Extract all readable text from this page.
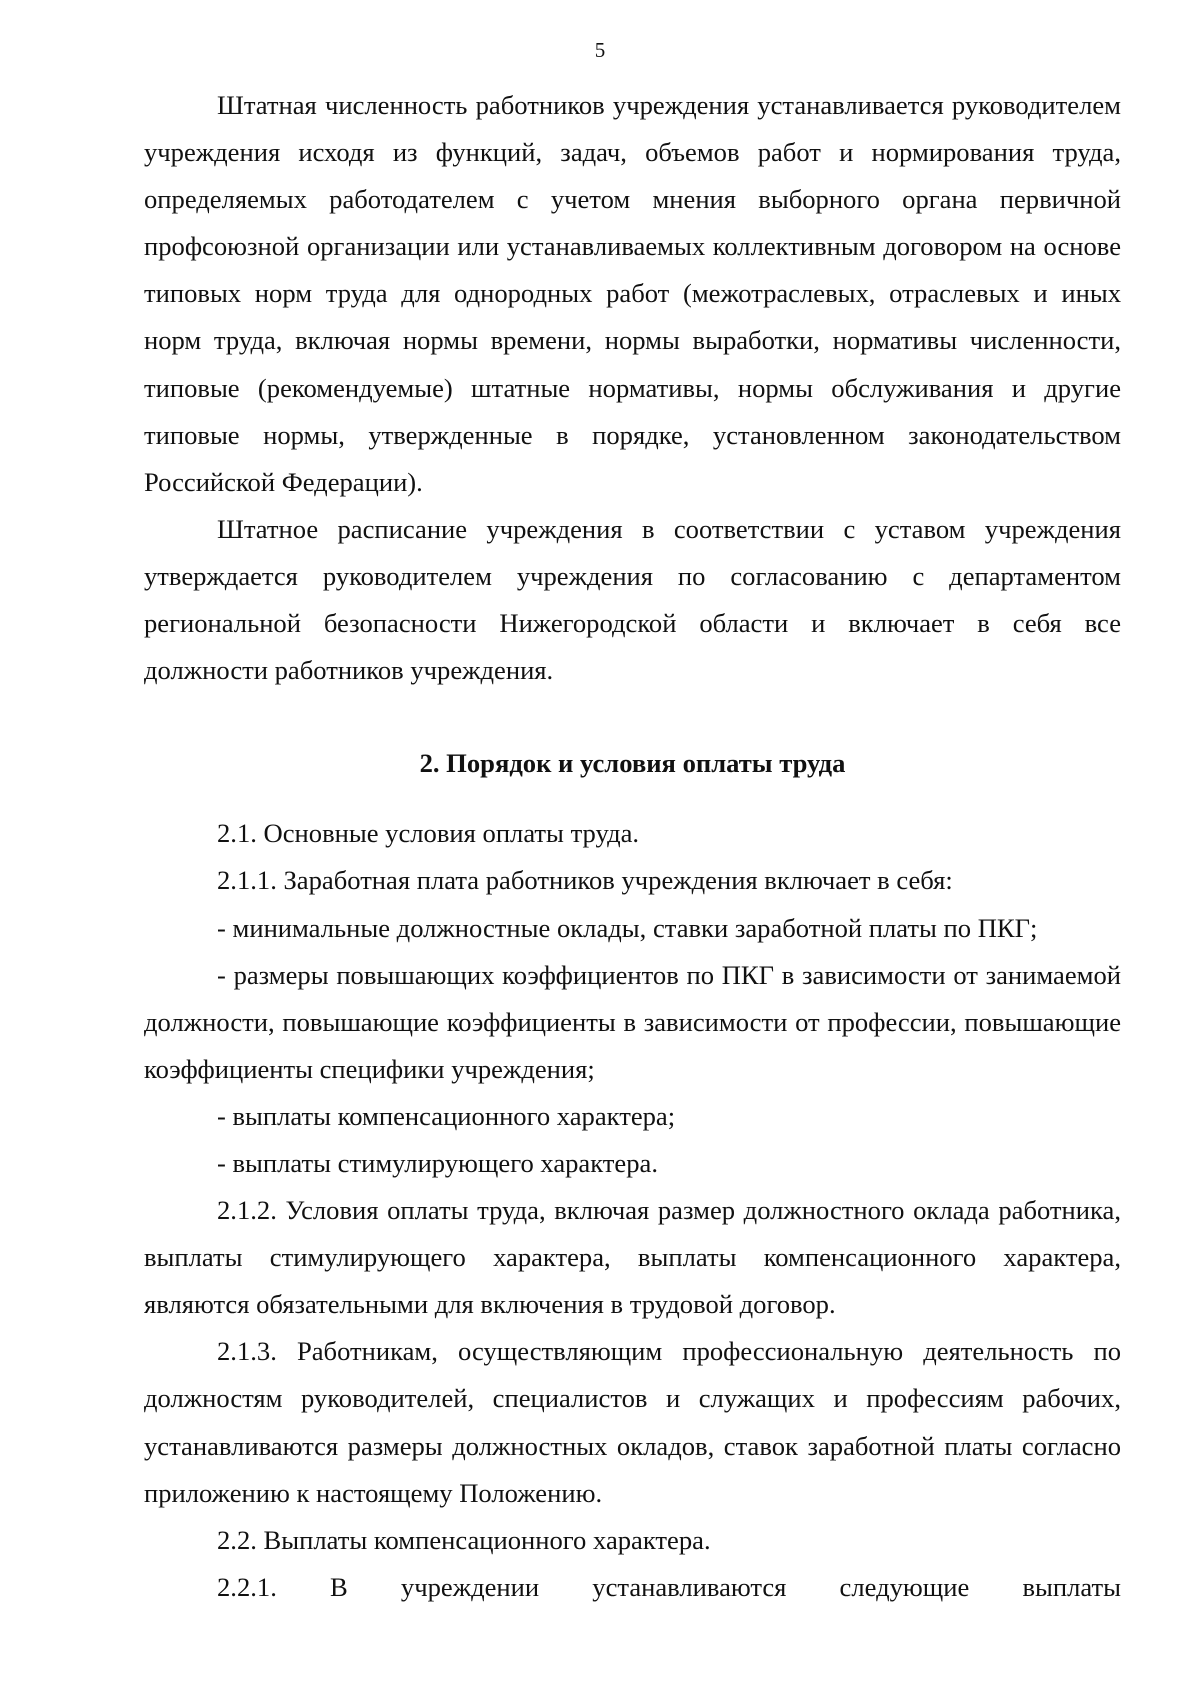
5

Штатная численность работников учреждения устанавливается руководителем учреждения исходя из функций, задач, объемов работ и нормирования труда, определяемых работодателем с учетом мнения выборного органа первичной профсоюзной организации или устанавливаемых коллективным договором на основе типовых норм труда для однородных работ (межотраслевых, отраслевых и иных норм труда, включая нормы времени, нормы выработки, нормативы численности, типовые (рекомендуемые) штатные нормативы, нормы обслуживания и другие типовые нормы, утвержденные в порядке, установленном законодательством Российской Федерации).

Штатное расписание учреждения в соответствии с уставом учреждения утверждается руководителем учреждения по согласованию с департаментом региональной безопасности Нижегородской области и включает в себя все должности работников учреждения.

2. Порядок и условия оплаты труда

2.1. Основные условия оплаты труда.

2.1.1. Заработная плата работников учреждения включает в себя:

- минимальные должностные оклады, ставки заработной платы по ПКГ;

- размеры повышающих коэффициентов по ПКГ в зависимости от занимаемой должности, повышающие коэффициенты в зависимости от профессии, повышающие коэффициенты специфики учреждения;

- выплаты компенсационного характера;

- выплаты стимулирующего характера.

2.1.2. Условия оплаты труда, включая размер должностного оклада работника, выплаты стимулирующего характера, выплаты компенсационного характера, являются обязательными для включения в трудовой договор.

2.1.3. Работникам, осуществляющим профессиональную деятельность по должностям руководителей, специалистов и служащих и профессиям рабочих, устанавливаются размеры должностных окладов, ставок заработной платы согласно приложению к настоящему Положению.

2.2. Выплаты компенсационного характера.

2.2.1. В учреждении устанавливаются следующие выплаты
